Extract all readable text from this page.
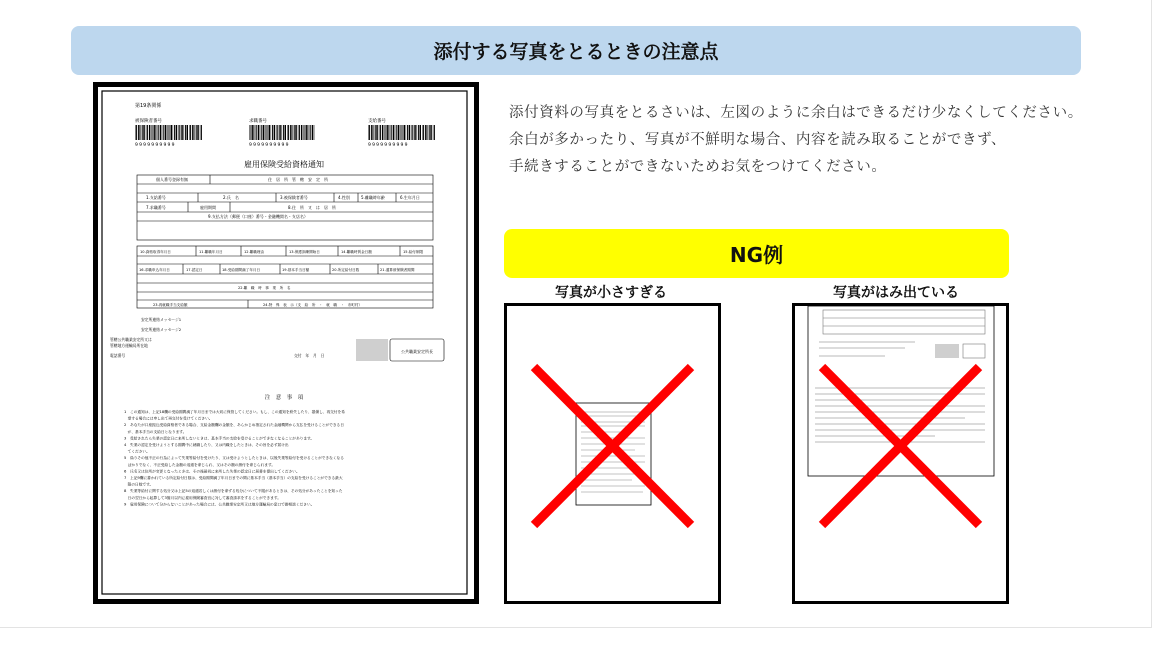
添付する写真をとるときの注意点
第19条関係
被保険者番号
9999999999
求職番号
9999999999
支給番号
9999999999
雇用保険受給資格通知
個人番号登録有無	住　居　所　管　轄　安　定　所
1.支給番号	2.氏　名	3.被保険者番号	4.性別	5.離職時年齢	6.生年月日
7.求職番号	雇用期間	8.住　所　又　は　居　所
9.支払方法（郵便（口座）番号・金融機関名・支店名）
10.資格取得年月日	11.離職年月日	12.離職理由	13.保護訓練開始日	14.離職時賃金日額	15.給付制限
16.求職申込年月日	17.認定日	18.受給期間満了年月日	19.基本手当日額	20.所定給付日数	21.通算被保険者期間
22.離　職　時　事　業　所　名
23.再就職手当支給額	24.特　殊　表　示（支　給　所　・　就　職　・　市町村）
安定所連絡メッセージ1
安定所連絡メッセージ2
管轄公共職業安定所又は
管轄地方運輸局所在地
電話番号	交付　年　月　日
公共職業安定所長
注　意　事　項
1　この通知は、上記18欄の受給期間満了年月日までは大切に保管してください。もし、この通知を紛失したり、損傷し、再交付を希
　望する場合には申し出て再交付を受けてください。
2　あなたが口座振込受給資格者である場合、支給金額欄の金額を、あらかじめ指定された金融機関から支払を受けることができる日
　が、基本手当の支給日となります。
3　受給されたら失業の認定日に来所しないときは、基本手当の支給を受けることができなくなることがあります。
4　失業の認定を受けようとする期間中に就職したり、又は内職をしたときは、その旨を必ず届け出
　てください。
5　偽りその他不正の行為によって失業等給付を受けたり、又は受けようとしたときは、以後失業等給付を受けることができなくなる
　ばかりでなく、不正受給した金額の返還を命じられ、又はその額の納付を命じられます。
6　氏名又は住所が変更となったときは、その後最初に来所した失業の認定日に届書を提出してください。
7　上記9欄に書かれている所定給付日数は、受給期間満了年月日までの間に基本手当（基本手当）の支給を受けることができる最大
　限の日数です。
8　失業等給付に関する処分又は上記5の返還若しくは納付を命ずる処分について不服があるときは、その処分があったことを知った
　日の翌日から起算して3箇月以内に雇用保険審査官に対して審査請求をすることができます。
9　雇用保険について分からないことがあった場合には、公共職業安定所又は地方運輸局の窓口で御相談ください。
添付資料の写真をとるさいは、左図のように余白はできるだけ少なくしてください。
余白が多かったり、写真が不鮮明な場合、内容を読み取ることができず、
手続きすることができないためお気をつけてください。
NG例
写真が小さすぎる	写真がはみ出ている
